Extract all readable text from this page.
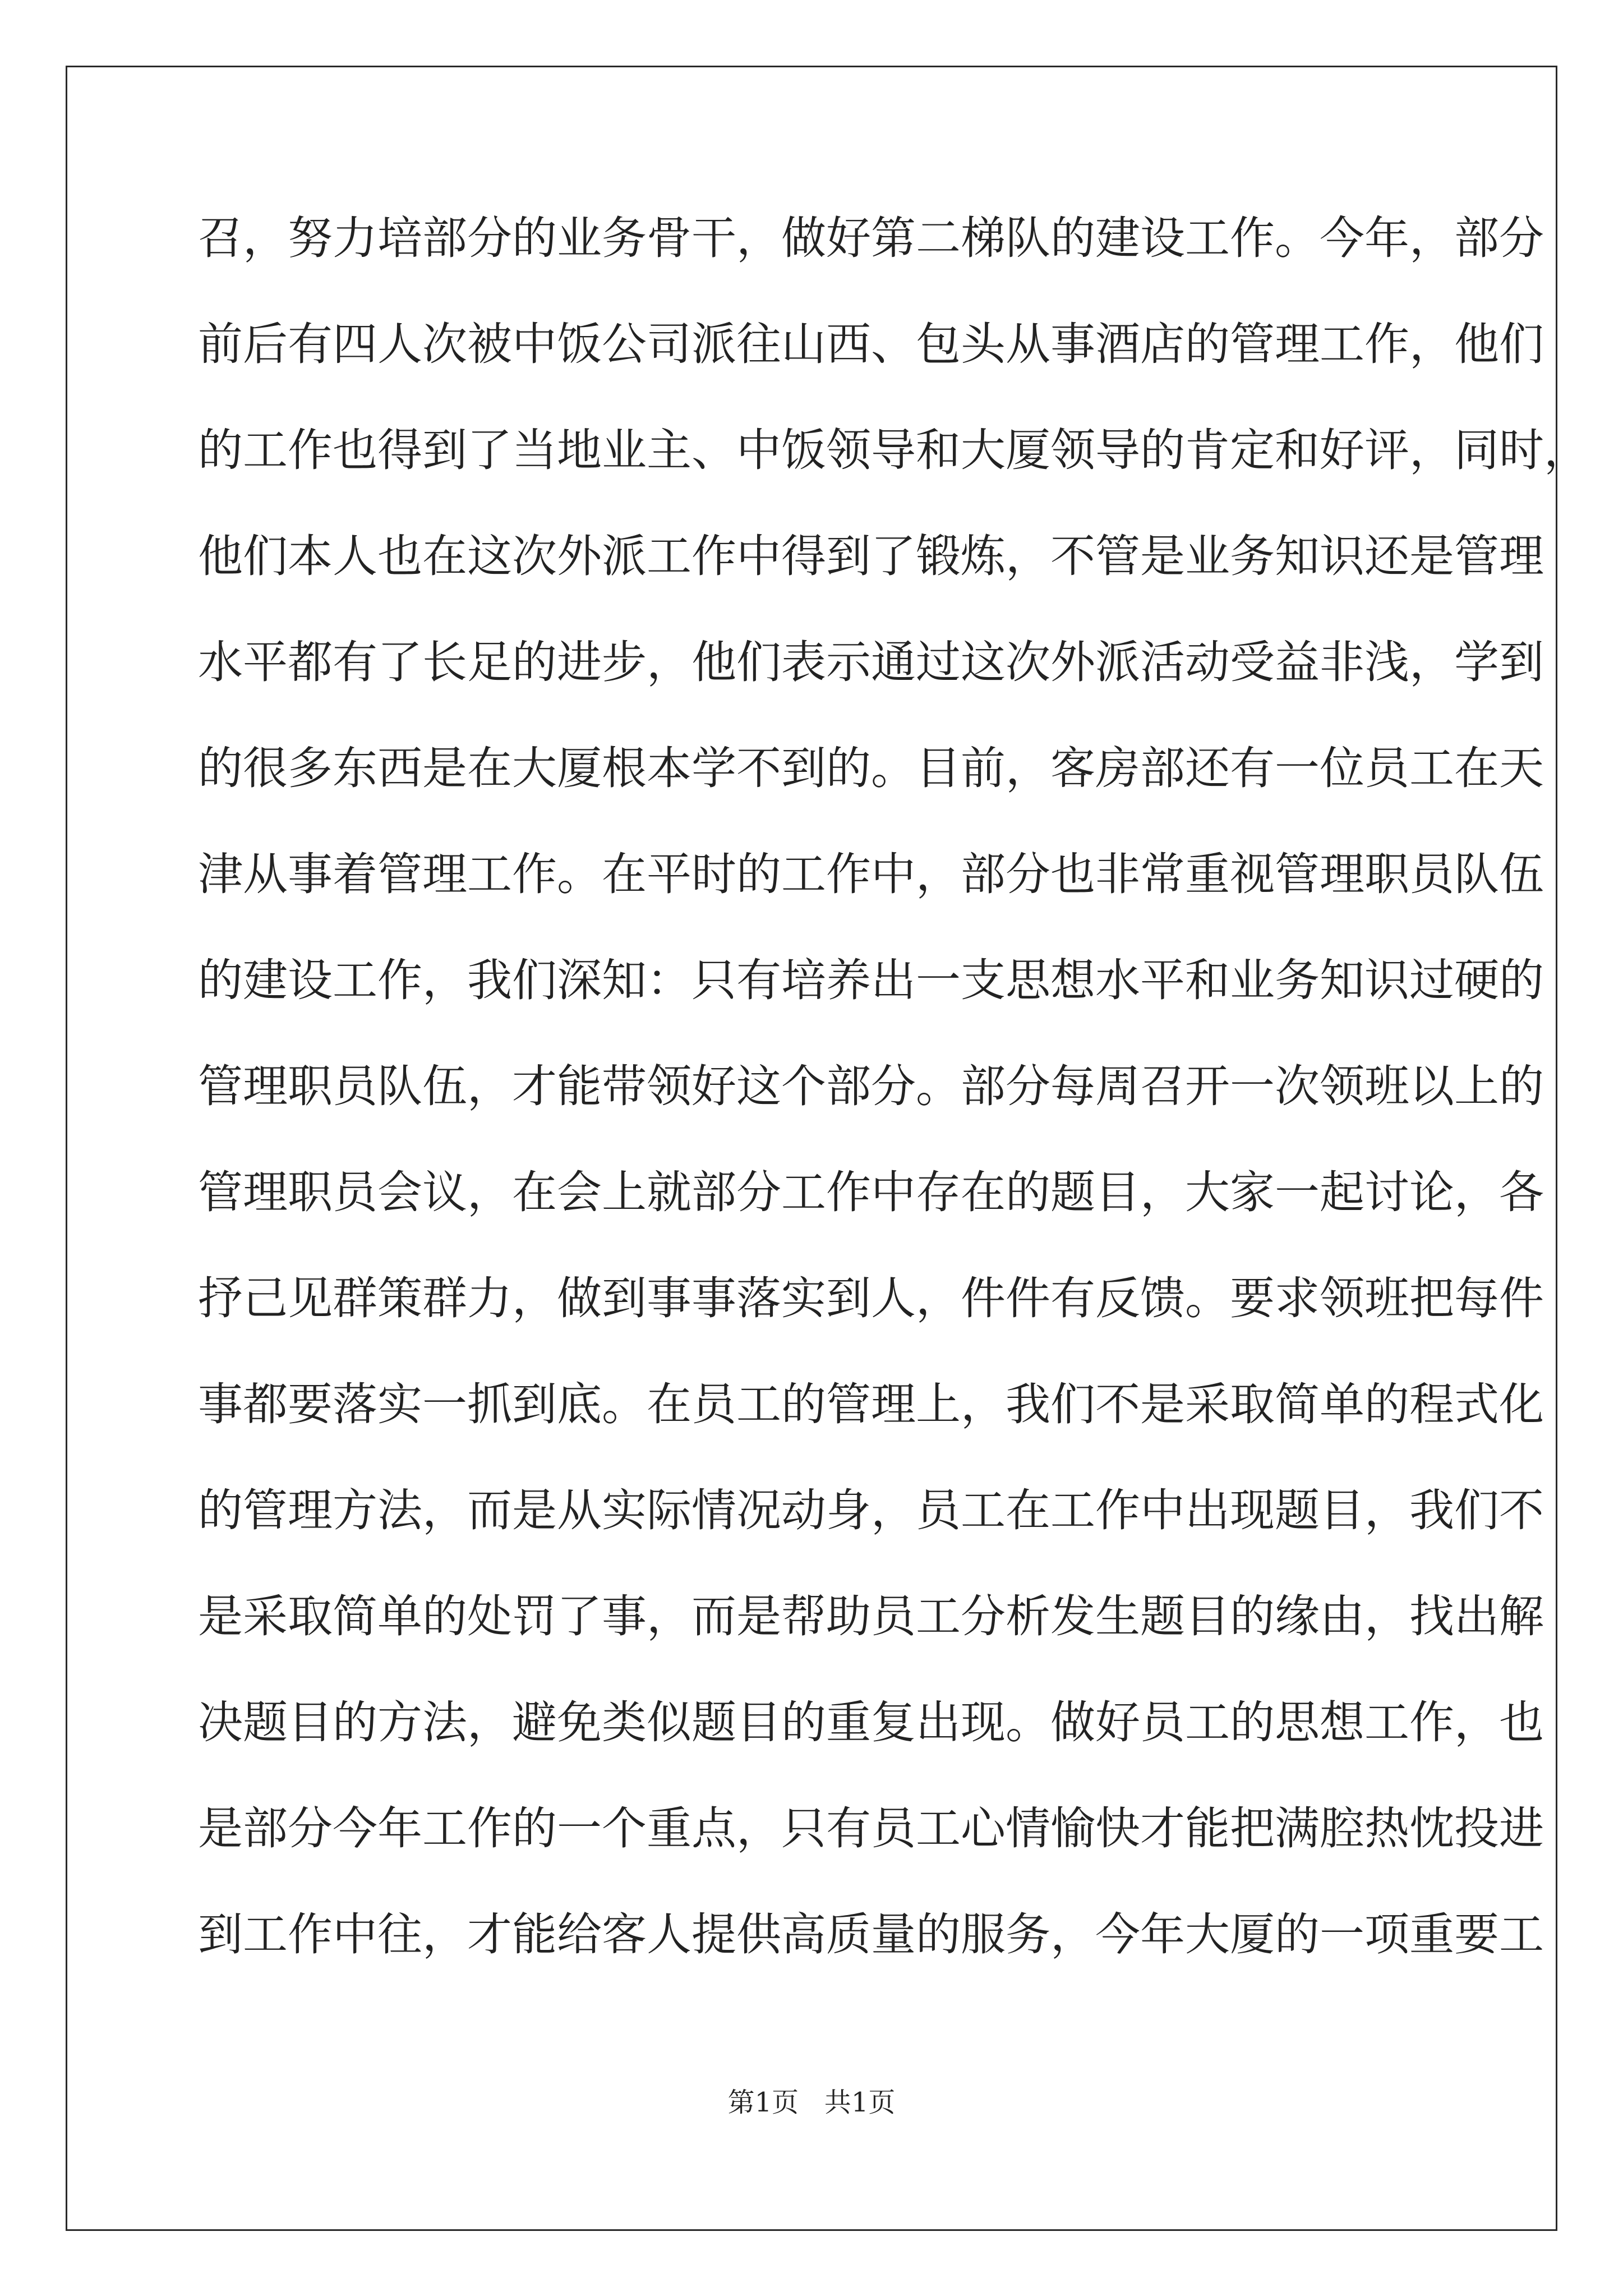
召，努力培部分的业务骨干，做好第二梯队的建设工作。今年，部分
前后有四人次被中饭公司派往山西、包头从事酒店的管理工作，他们
的工作也得到了当地业主、中饭领导和大厦领导的肯定和好评，同时，
他们本人也在这次外派工作中得到了锻炼，不管是业务知识还是管理
水平都有了长足的进步，他们表示通过这次外派活动受益非浅，学到
的很多东西是在大厦根本学不到的。目前，客房部还有一位员工在天
津从事着管理工作。在平时的工作中，部分也非常重视管理职员队伍
的建设工作，我们深知：只有培养出一支思想水平和业务知识过硬的
管理职员队伍，才能带领好这个部分。部分每周召开一次领班以上的
管理职员会议，在会上就部分工作中存在的题目，大家一起讨论，各
抒己见群策群力，做到事事落实到人，件件有反馈。要求领班把每件
事都要落实一抓到底。在员工的管理上，我们不是采取简单的程式化
的管理方法，而是从实际情况动身，员工在工作中出现题目，我们不
是采取简单的处罚了事，而是帮助员工分析发生题目的缘由，找出解
决题目的方法，避免类似题目的重复出现。做好员工的思想工作，也
是部分今年工作的一个重点，只有员工心情愉快才能把满腔热忱投进
到工作中往，才能给客人提供高质量的服务，今年大厦的一项重要工
第1页 共1页
